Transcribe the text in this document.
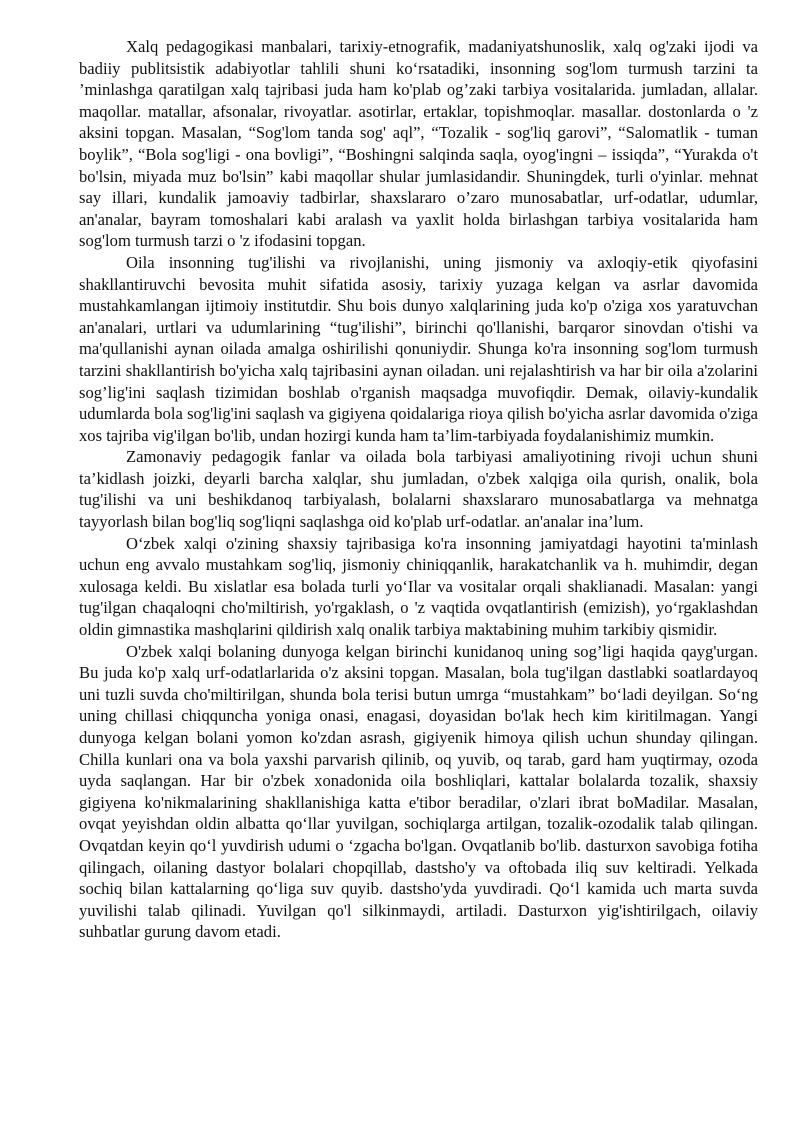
Xalq pedagogikasi manbalari, tarixiy-etnografik, madaniyatshunoslik, xalq og'zaki ijodi va badiiy publitsistik adabiyotlar tahlili shuni koʻrsatadiki, insonning sog'lom turmush tarzini ta ’minlashga qaratilgan xalq tajribasi juda ham ko'plab og’zaki tarbiya vositalarida. jumladan, allalar. maqollar. matallar, afsonalar, rivoyatlar. asotirlar, ertaklar, topishmoqlar. masallar. dostonlarda o 'z aksini topgan. Masalan, “Sog'lom tanda sog' aql”, “Tozalik - sog'liq garovi”, “Salomatlik - tuman boylik”, “Bola sog'ligi - ona bovligi”, “Boshingni salqinda saqla, oyog'ingni – issiqda”, “Yurakda o't bo'lsin, miyada muz bo'lsin” kabi maqollar shular jumlasidandir. Shuningdek, turli o'yinlar. mehnat say illari, kundalik jamoaviy tadbirlar, shaxslararo o’zaro munosabatlar, urf-odatlar, udumlar, an'analar, bayram tomoshalari kabi aralash va yaxlit holda birlashgan tarbiya vositalarida ham sog'lom turmush tarzi o 'z ifodasini topgan.

Oila insonning tug'ilishi va rivojlanishi, uning jismoniy va axloqiy-etik qiyofasini shakllantiruvchi bevosita muhit sifatida asosiy, tarixiy yuzaga kelgan va asrlar davomida mustahkamlangan ijtimoiy institutdir. Shu bois dunyo xalqlarining juda ko'p o'ziga xos yaratuvchan an'analari, urtlari va udumlarining “tug'ilishi”, birinchi qo'llanishi, barqaror sinovdan o'tishi va ma'qullanishi aynan oilada amalga oshirilishi qonuniydir. Shunga ko'ra insonning sog'lom turmush tarzini shakllantirish bo'yicha xalq tajribasini aynan oiladan. uni rejalashtirish va har bir oila a'zolarini sog’lig'ini saqlash tizimidan boshlab o'rganish maqsadga muvofiqdir. Demak, oilaviy-kundalik udumlarda bola sog'lig'ini saqlash va gigiyena qoidalariga rioya qilish bo'yicha asrlar davomida o'ziga xos tajriba vig'ilgan bo'lib, undan hozirgi kunda ham ta’lim-tarbiyada foydalanishimiz mumkin.

Zamonaviy pedagogik fanlar va oilada bola tarbiyasi amaliyotining rivoji uchun shuni ta’kidlash joizki, deyarli barcha xalqlar, shu jumladan, o'zbek xalqiga oila qurish, onalik, bola tug'ilishi va uni beshikdanoq tarbiyalash, bolalarni shaxslararo munosabatlarga va mehnatga tayyorlash bilan bog'liq sog'liqni saqlashga oid ko'plab urf-odatlar. an'analar ina’lum.

Oʻzbek xalqi o'zining shaxsiy tajribasiga ko'ra insonning jamiyatdagi hayotini ta'minlash uchun eng avvalo mustahkam sog'liq, jismoniy chiniqqanlik, harakatchanlik va h. muhimdir, degan xulosaga keldi. Bu xislatlar esa bolada turli yoʻIlar va vositalar orqali shaklianadi. Masalan: yangi tug'ilgan chaqaloqni cho'miltirish, yo'rgaklash, o 'z vaqtida ovqatlantirish (emizish), yoʻrgaklashdan oldin gimnastika mashqlarini qildirish xalq onalik tarbiya maktabining muhim tarkibiy qismidir.

O'zbek xalqi bolaning dunyoga kelgan birinchi kunidanoq uning sog’ligi haqida qayg'urgan. Bu juda ko'p xalq urf-odatlarlarida o'z aksini topgan. Masalan, bola tug'ilgan dastlabki soatlardayoq uni tuzli suvda cho'miltirilgan, shunda bola terisi butun umrga “mustahkam” boʻladi deyilgan. Soʻng uning chillasi chiqquncha yoniga onasi, enagasi, doyasidan bo'lak hech kim kiritilmagan. Yangi dunyoga kelgan bolani yomon ko'zdan asrash, gigiyenik himoya qilish uchun shunday qilingan. Chilla kunlari ona va bola yaxshi parvarish qilinib, oq yuvib, oq tarab, gard ham yuqtirmay, ozoda uyda saqlangan. Har bir o'zbek xonadonida oila boshliqlari, kattalar bolalarda tozalik, shaxsiy gigiyena ko'nikmalarining shakllanishiga katta e'tibor beradilar, o'zlari ibrat boMadilar. Masalan, ovqat yeyishdan oldin albatta qoʻllar yuvilgan, sochiqlarga artilgan, tozalik-ozodalik talab qilingan. Ovqatdan keyin qoʻl yuvdirish udumi o ‘zgacha bo'lgan. Ovqatlanib bo'lib. dasturxon savobiga fotiha qilingach, oilaning dastyor bolalari chopqillab, dastsho'y va oftobada iliq suv keltiradi. Yelkada sochiq bilan kattalarning qoʻliga suv quyib. dastsho'yda yuvdiradi. Qoʻl kamida uch marta suvda yuvilishi talab qilinadi. Yuvilgan qo'l silkinmaydi, artiladi. Dasturxon yig'ishtirilgach, oilaviy suhbatlar gurung davom etadi.
